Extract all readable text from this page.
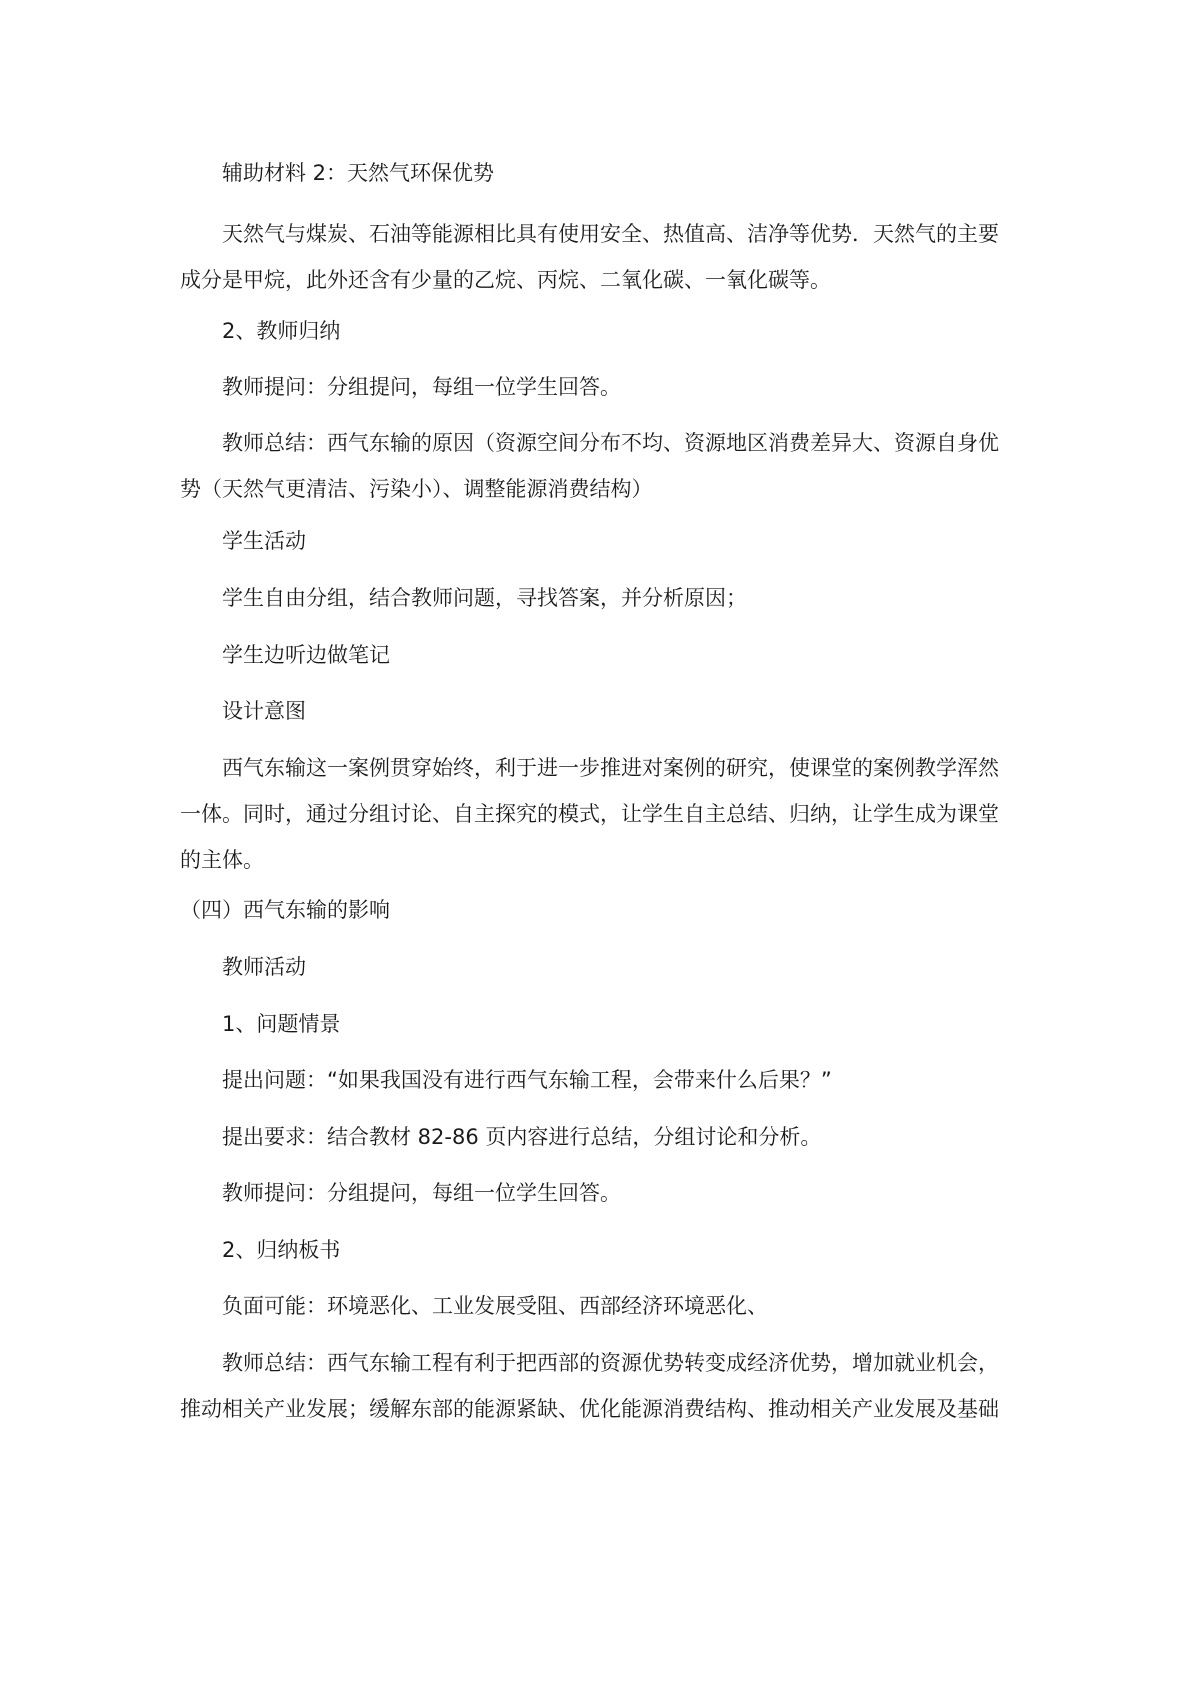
辅助材料 2：天然气环保优势
天然气与煤炭、石油等能源相比具有使用安全、热值高、洁净等优势．天然气的主要
成分是甲烷，此外还含有少量的乙烷、丙烷、二氧化碳、一氧化碳等。
2、教师归纳
教师提问：分组提问，每组一位学生回答。
教师总结：西气东输的原因（资源空间分布不均、资源地区消费差异大、资源自身优
势（天然气更清洁、污染小）、调整能源消费结构）
学生活动
学生自由分组，结合教师问题，寻找答案，并分析原因；
学生边听边做笔记
设计意图
西气东输这一案例贯穿始终，利于进一步推进对案例的研究，使课堂的案例教学浑然
一体。同时，通过分组讨论、自主探究的模式，让学生自主总结、归纳，让学生成为课堂
的主体。
（四）西气东输的影响
教师活动
1、问题情景
提出问题：“如果我国没有进行西气东输工程，会带来什么后果？”
提出要求：结合教材 82-86 页内容进行总结，分组讨论和分析。
教师提问：分组提问，每组一位学生回答。
2、归纳板书
负面可能：环境恶化、工业发展受阻、西部经济环境恶化、
教师总结：西气东输工程有利于把西部的资源优势转变成经济优势，增加就业机会，
推动相关产业发展；缓解东部的能源紧缺、优化能源消费结构、推动相关产业发展及基础
